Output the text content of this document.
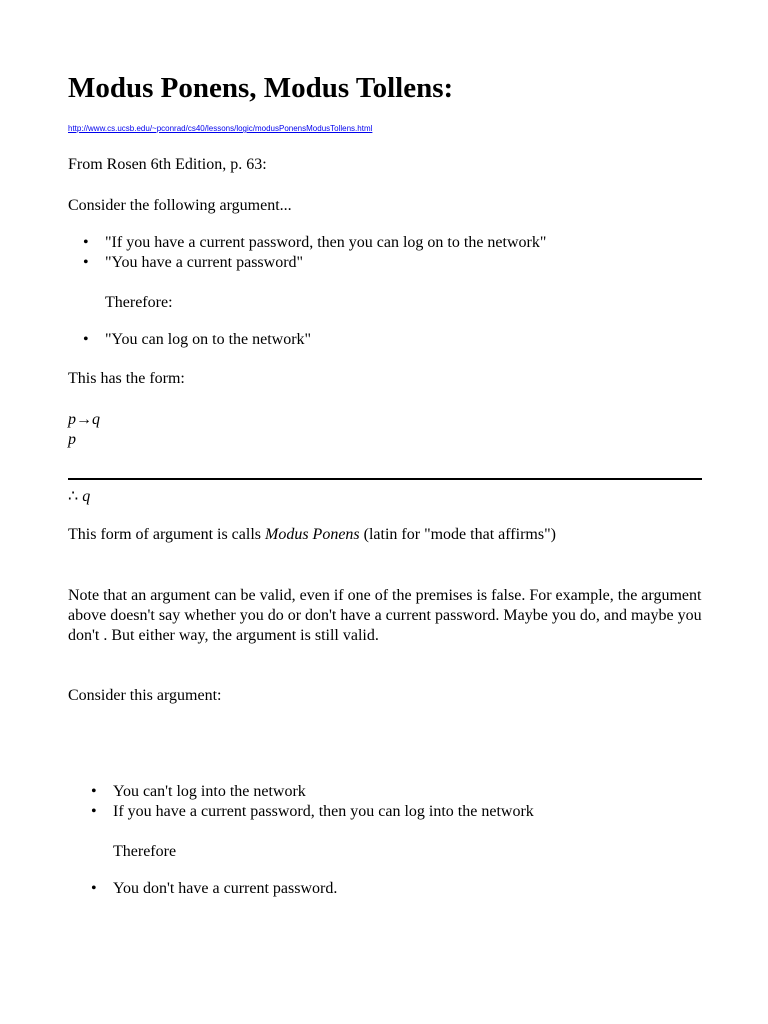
Modus Ponens, Modus Tollens:
http://www.cs.ucsb.edu/~pconrad/cs40/lessons/logic/modusPonensModusTollens.html

From Rosen 6th Edition, p. 63:

Consider the following argument...

• "If you have a current password, then you can log on to the network"
• "You have a current password"

Therefore:

• "You can log on to the network"

This has the form:

p→q

p

∴ q

This form of argument is calls Modus Ponens (latin for "mode that affirms")

Note that an argument can be valid, even if one of the premises is false. For example, the argument above doesn't say whether you do or don't have a current password. Maybe you do, and maybe you don't . But either way, the argument is still valid.

Consider this argument:

• You can't log into the network
• If you have a current password, then you can log into the network

Therefore

• You don't have a current password.
